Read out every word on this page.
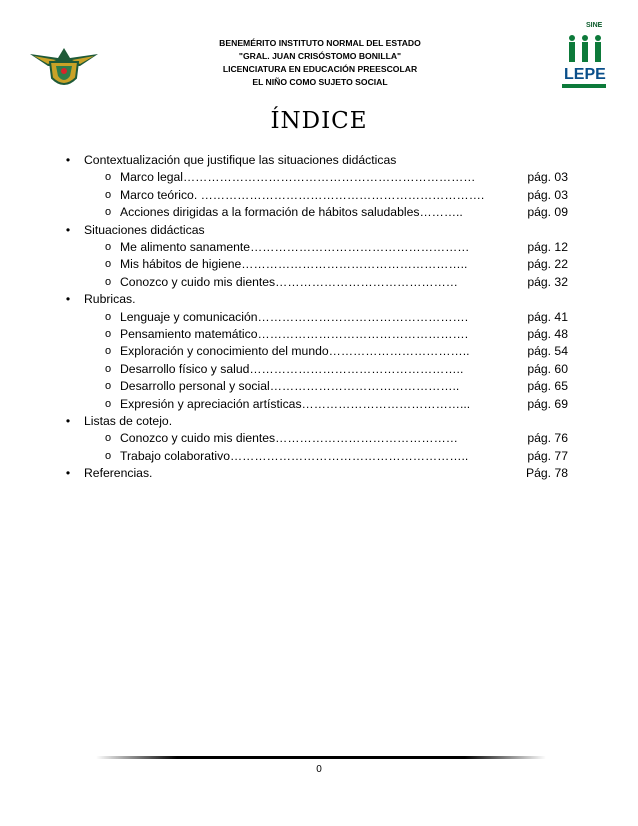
SINE
LEPE
BENEMÉRITO INSTITUTO NORMAL DEL ESTADO
"GRAL. JUAN CRISÓSTOMO BONILLA"
LICENCIATURA EN EDUCACIÓN PREESCOLAR
EL NIÑO COMO SUJETO SOCIAL
ÍNDICE
• Contextualización que justifique las situaciones didácticas
o Marco legal………………………………………………………………	pág. 03
o Marco teórico. …………………………………………………………….	pág. 03
o Acciones dirigidas a la formación de hábitos saludables………..	pág. 09
• Situaciones didácticas
o Me alimento sanamente………………………………………………	pág. 12
o Mis hábitos de higiene………………………………………………..	pág. 22
o Conozco y cuido mis dientes………………………………………	pág. 32
• Rubricas.
o Lenguaje y comunicación…………………………………………….	pág. 41
o Pensamiento matemático…………………………………………….	pág. 48
o Exploración y conocimiento del mundo……………………………..	pág. 54
o Desarrollo físico y salud……………………………………………..	pág. 60
o Desarrollo personal y social………………………………………..	pág. 65
o Expresión y apreciación artísticas…………………………………...	pág. 69
• Listas de cotejo.
o Conozco y cuido mis dientes………………………………………	pág. 76
o Trabajo colaborativo…………………………………………………..	pág. 77
• Referencias.	Pág. 78
0
